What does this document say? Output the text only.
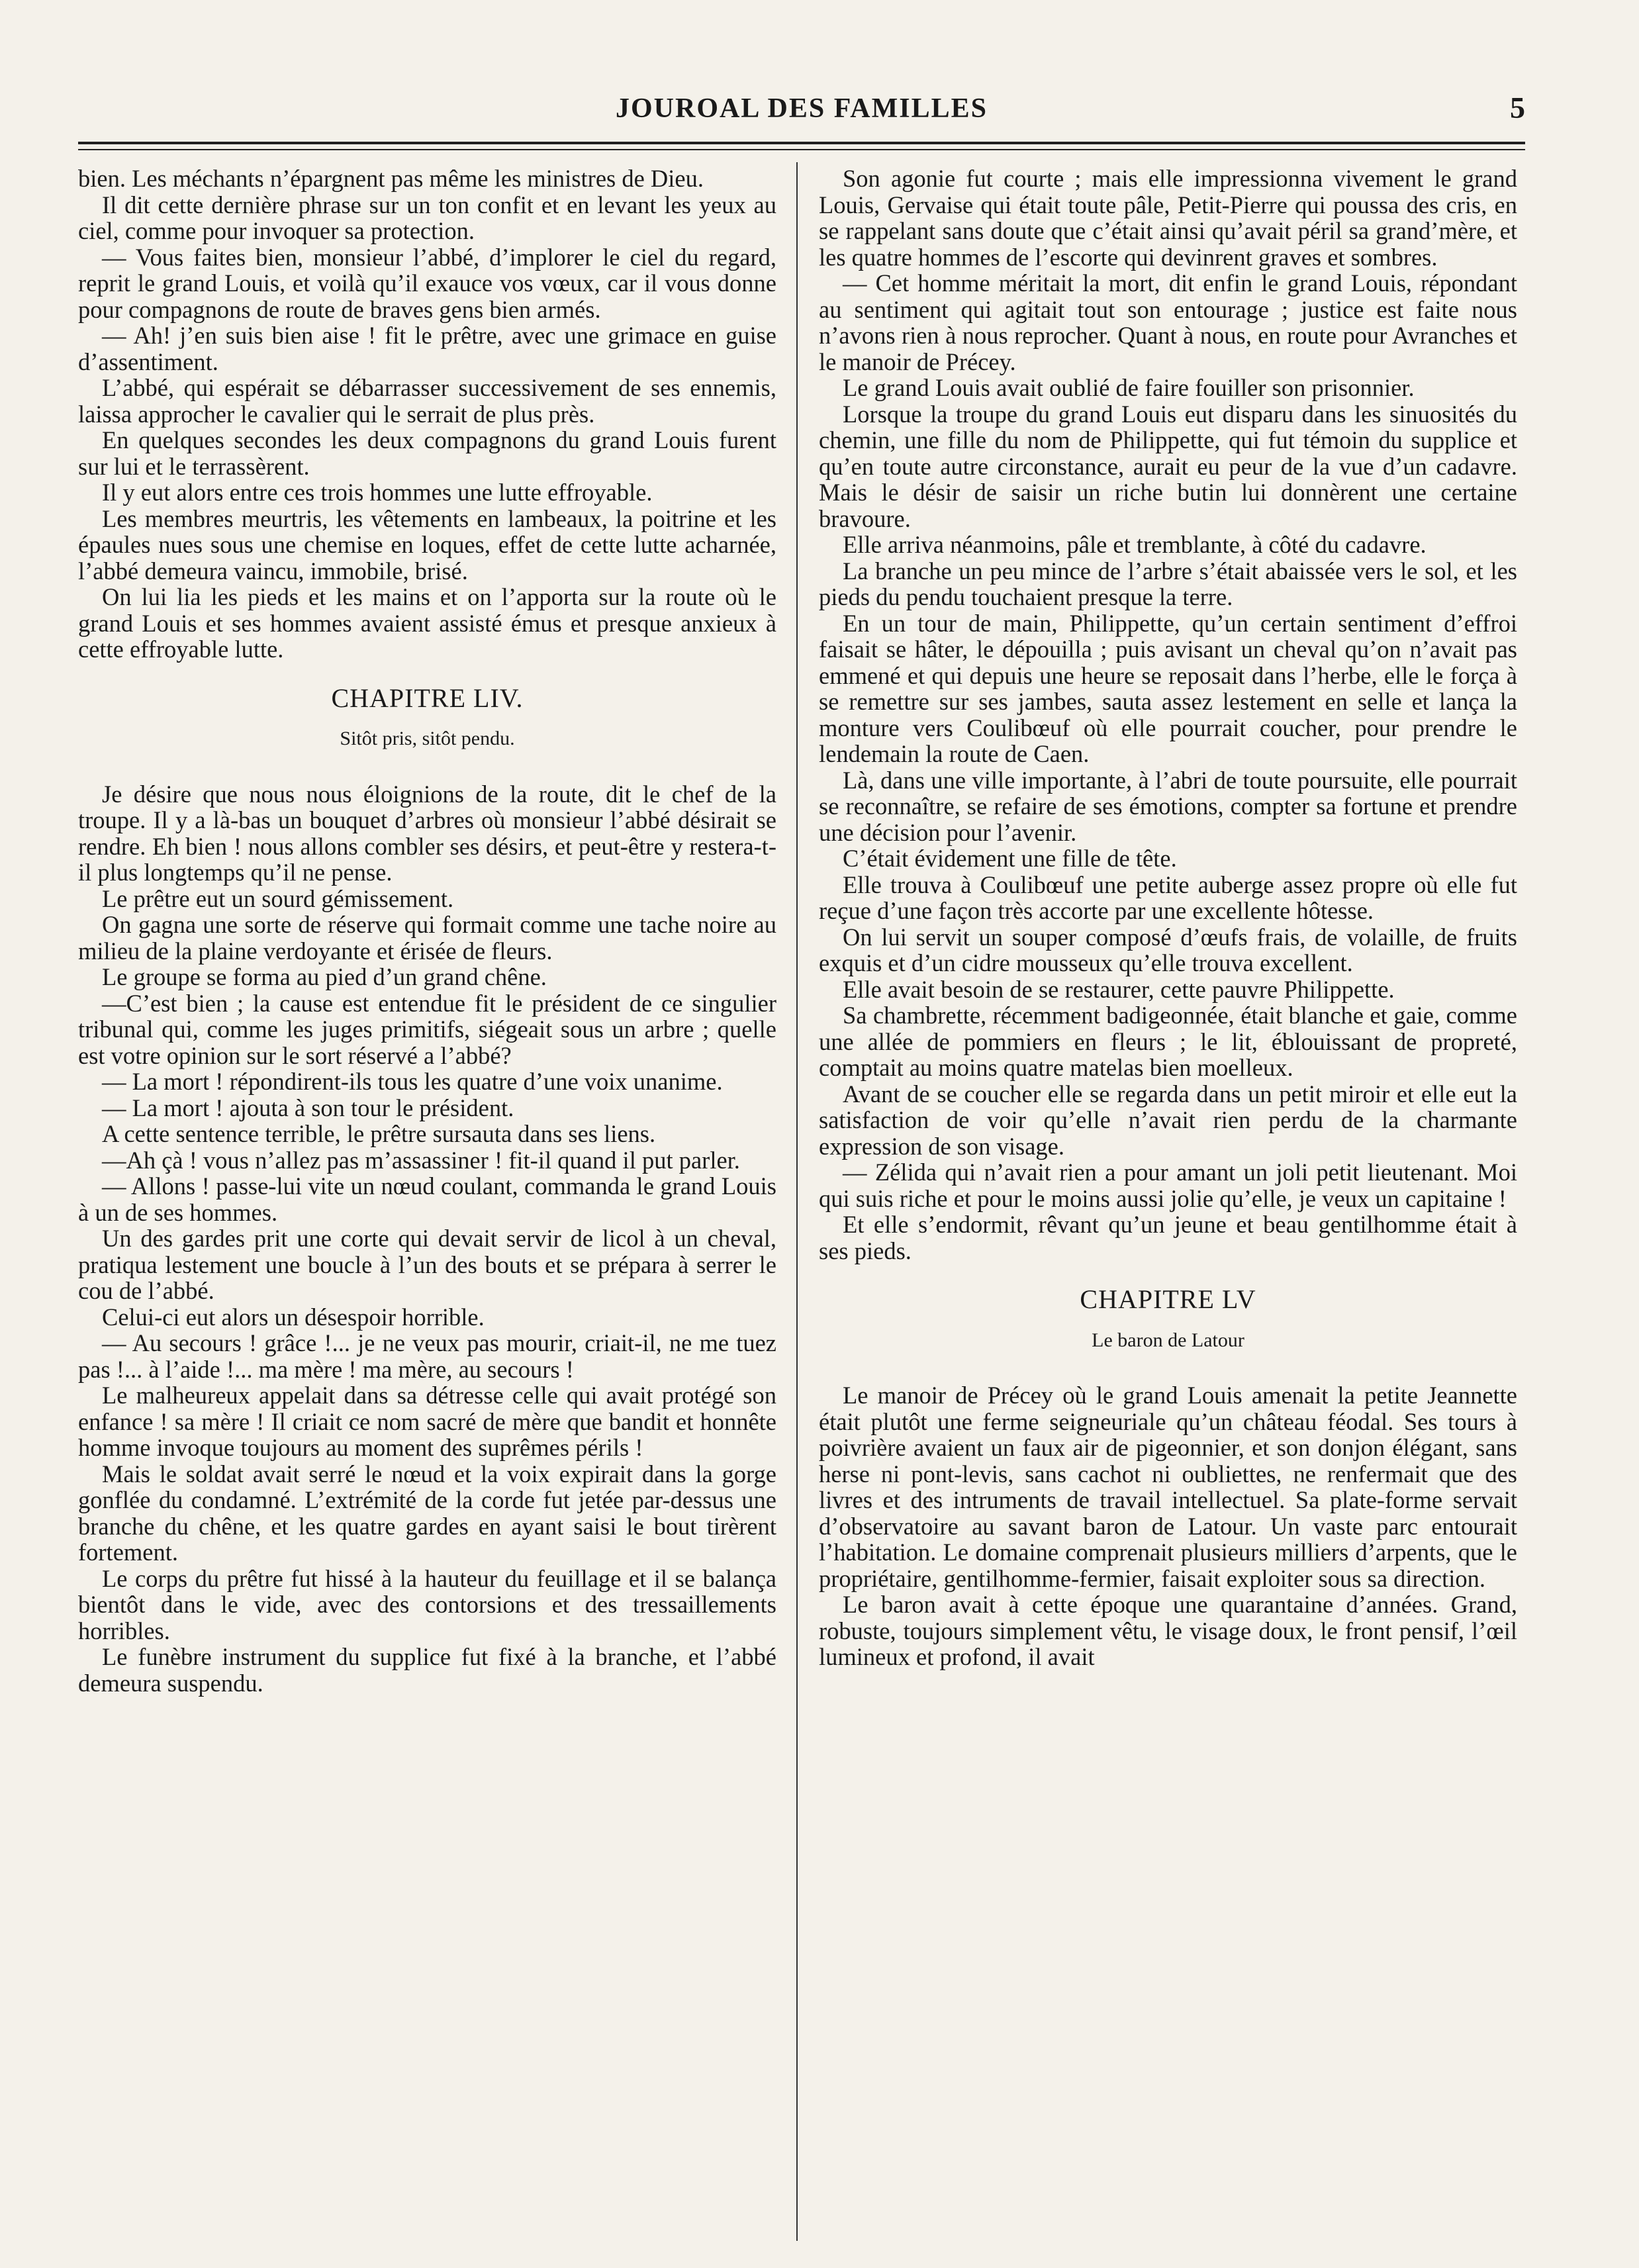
JOUROAL DES FAMILLES	5

bien. Les méchants n’épargnent pas même les ministres de Dieu.

Il dit cette dernière phrase sur un ton confit et en levant les yeux au ciel, comme pour invoquer sa protection.

— Vous faites bien, monsieur l’abbé, d’implorer le ciel du regard, reprit le grand Louis, et voilà qu’il exauce vos vœux, car il vous donne pour compagnons de route de braves gens bien armés.

— Ah! j’en suis bien aise ! fit le prêtre, avec une grimace en guise d’assentiment.

L’abbé, qui espérait se débarrasser successivement de ses ennemis, laissa approcher le cavalier qui le serrait de plus près.

En quelques secondes les deux compagnons du grand Louis furent sur lui et le terrassèrent.

Il y eut alors entre ces trois hommes une lutte effroyable.

Les membres meurtris, les vêtements en lambeaux, la poitrine et les épaules nues sous une chemise en loques, effet de cette lutte acharnée, l’abbé demeura vaincu, immobile, brisé.

On lui lia les pieds et les mains et on l’apporta sur la route où le grand Louis et ses hommes avaient assisté émus et presque anxieux à cette effroyable lutte.

CHAPITRE LIV.
Sitôt pris, sitôt pendu.

Je désire que nous nous éloignions de la route, dit le chef de la troupe. Il y a là-bas un bouquet d’arbres où monsieur l’abbé désirait se rendre. Eh bien ! nous allons combler ses désirs, et peut-être y restera-t-il plus longtemps qu’il ne pense.

Le prêtre eut un sourd gémissement.

On gagna une sorte de réserve qui formait comme une tache noire au milieu de la plaine verdoyante et érisée de fleurs.

Le groupe se forma au pied d’un grand chêne.

—C’est bien ; la cause est entendue fit le président de ce singulier tribunal qui, comme les juges primitifs, siégeait sous un arbre ; quelle est votre opinion sur le sort réservé a l’abbé?

— La mort ! répondirent-ils tous les quatre d’une voix unanime.

— La mort ! ajouta à son tour le président.

A cette sentence terrible, le prêtre sursauta dans ses liens.

—Ah çà ! vous n’allez pas m’assassiner ! fit-il quand il put parler.

— Allons ! passe-lui vite un nœud coulant, commanda le grand Louis à un de ses hommes.

Un des gardes prit une corte qui devait servir de licol à un cheval, pratiqua lestement une boucle à l’un des bouts et se prépara à serrer le cou de l’abbé.

Celui-ci eut alors un désespoir horrible.

— Au secours ! grâce !... je ne veux pas mourir, criait-il, ne me tuez pas !... à l’aide !... ma mère ! ma mère, au secours !

Le malheureux appelait dans sa détresse celle qui avait protégé son enfance ! sa mère ! Il criait ce nom sacré de mère que bandit et honnête homme invoque toujours au moment des suprêmes périls !

Mais le soldat avait serré le nœud et la voix expirait dans la gorge gonflée du condamné. L’extrémité de la corde fut jetée par-dessus une branche du chêne, et les quatre gardes en ayant saisi le bout tirèrent fortement.

Le corps du prêtre fut hissé à la hauteur du feuillage et il se balança bientôt dans le vide, avec des contorsions et des tressaillements horribles.

Le funèbre instrument du supplice fut fixé à la branche, et l’abbé demeura suspendu.

Son agonie fut courte ; mais elle impressionna vivement le grand Louis, Gervaise qui était toute pâle, Petit-Pierre qui poussa des cris, en se rappelant sans doute que c’était ainsi qu’avait péril sa grand’mère, et les quatre hommes de l’escorte qui devinrent graves et sombres.

— Cet homme méritait la mort, dit enfin le grand Louis, répondant au sentiment qui agitait tout son entourage ; justice est faite nous n’avons rien à nous reprocher. Quant à nous, en route pour Avranches et le manoir de Précey.

Le grand Louis avait oublié de faire fouiller son prisonnier.

Lorsque la troupe du grand Louis eut disparu dans les sinuosités du chemin, une fille du nom de Philippette, qui fut témoin du supplice et qu’en toute autre circonstance, aurait eu peur de la vue d’un cadavre. Mais le désir de saisir un riche butin lui donnèrent une certaine bravoure.

Elle arriva néanmoins, pâle et tremblante, à côté du cadavre.

La branche un peu mince de l’arbre s’était abaissée vers le sol, et les pieds du pendu touchaient presque la terre.

En un tour de main, Philippette, qu’un certain sentiment d’effroi faisait se hâter, le dépouilla ; puis avisant un cheval qu’on n’avait pas emmené et qui depuis une heure se reposait dans l’herbe, elle le força à se remettre sur ses jambes, sauta assez lestement en selle et lança la monture vers Coulibœuf où elle pourrait coucher, pour prendre le lendemain la route de Caen.

Là, dans une ville importante, à l’abri de toute poursuite, elle pourrait se reconnaître, se refaire de ses émotions, compter sa fortune et prendre une décision pour l’avenir.

C’était évidement une fille de tête.

Elle trouva à Coulibœuf une petite auberge assez propre où elle fut reçue d’une façon très accorte par une excellente hôtesse.

On lui servit un souper composé d’œufs frais, de volaille, de fruits exquis et d’un cidre mousseux qu’elle trouva excellent.

Elle avait besoin de se restaurer, cette pauvre Philippette.

Sa chambrette, récemment badigeonnée, était blanche et gaie, comme une allée de pommiers en fleurs ; le lit, éblouissant de propreté, comptait au moins quatre matelas bien moelleux.

Avant de se coucher elle se regarda dans un petit miroir et elle eut la satisfaction de voir qu’elle n’avait rien perdu de la charmante expression de son visage.

— Zélida qui n’avait rien a pour amant un joli petit lieutenant. Moi qui suis riche et pour le moins aussi jolie qu’elle, je veux un capitaine !

Et elle s’endormit, rêvant qu’un jeune et beau gentilhomme était à ses pieds.

CHAPITRE LV
Le baron de Latour

Le manoir de Précey où le grand Louis amenait la petite Jeannette était plutôt une ferme seigneuriale qu’un château féodal. Ses tours à poivrière avaient un faux air de pigeonnier, et son donjon élégant, sans herse ni pont-levis, sans cachot ni oubliettes, ne renfermait que des livres et des intruments de travail intellectuel. Sa plate-forme servait d’observatoire au savant baron de Latour. Un vaste parc entourait l’habitation. Le domaine comprenait plusieurs milliers d’arpents, que le propriétaire, gentilhomme-fermier, faisait exploiter sous sa direction.

Le baron avait à cette époque une quarantaine d’années. Grand, robuste, toujours simplement vêtu, le visage doux, le front pensif, l’œil lumineux et profond, il avait
